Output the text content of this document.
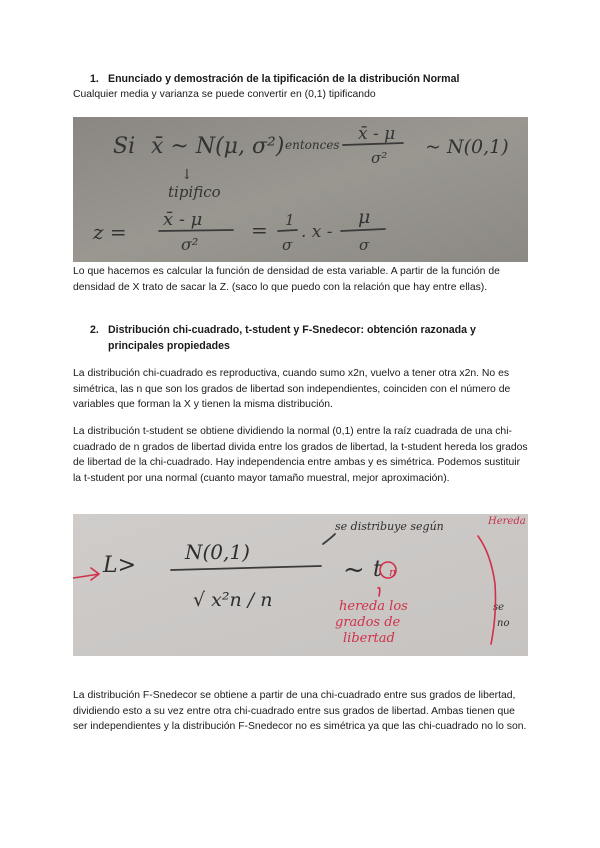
1. Enunciado y demostración de la tipificación de la distribución Normal
Cualquier media y varianza se puede convertir en (0,1) tipificando
Si x̄ ~ N(μ, σ²) entonces
x̄ - μ
σ² ~ N(0,1)
↓
tipifico
z =
x̄ - μ
σ²
= 1
σ
. x -
μ
σ
Lo que hacemos es calcular la función de densidad de esta variable. A partir de la función de densidad de X trato de sacar la Z. (saco lo que puedo con la relación que hay entre ellas).
2. Distribución chi-cuadrado, t-student y F-Snedecor: obtención razonada y principales propiedades
La distribución chi-cuadrado es reproductiva, cuando sumo x2n, vuelvo a tener otra x2n. No es simétrica, las n que son los grados de libertad son independientes, coinciden con el número de variables que forman la X y tienen la misma distribución.
La distribución t-student se obtiene dividiendo la normal (0,1) entre la raíz cuadrada de una chi-cuadrado de n grados de libertad divida entre los grados de libertad, la t-student hereda los grados de libertad de la chi-cuadrado. Hay independencia entre ambas y es simétrica. Podemos sustituir la t-student por una normal (cuanto mayor tamaño muestral, mejor aproximación).
L>
N(0,1)
√ x²n / n
~ t n
se distribuye según	Hereda
se
no
hereda los
grados de
libertad
La distribución F-Snedecor se obtiene a partir de una chi-cuadrado entre sus grados de libertad, dividiendo esto a su vez entre otra chi-cuadrado entre sus grados de libertad. Ambas tienen que ser independientes y la distribución F-Snedecor no es simétrica ya que las chi-cuadrado no lo son.
